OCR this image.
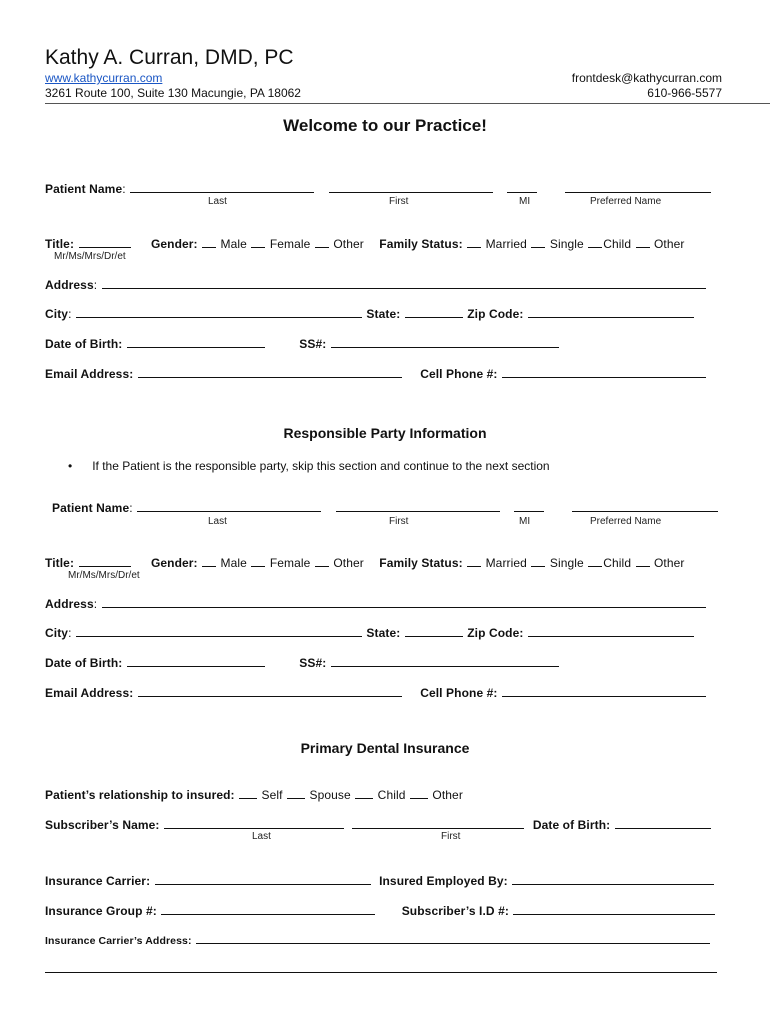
Kathy A. Curran, DMD, PC
www.kathycurran.com
3261 Route 100, Suite 130 Macungie, PA 18062
frontdesk@kathycurran.com
610-966-5577
Welcome to our Practice!
Patient Name:
Last	First	MI	Preferred Name
Title:	Gender: Male Female Other Family Status: Married Single Child Other
Mr/Ms/Mrs/Dr/et
Address:
City:	State:	Zip Code:
Date of Birth:	SS#:
Email Address:	Cell Phone #:
Responsible Party Information
•      If the Patient is the responsible party, skip this section and continue to the next section
Patient Name:
Last	First	MI	Preferred Name
Title:	Gender: Male Female Other Family Status: Married Single Child Other
Mr/Ms/Mrs/Dr/et
Address:
City:	State:	Zip Code:
Date of Birth:	SS#:
Email Address:	Cell Phone #:
Primary Dental Insurance
Patient’s relationship to insured: Self Spouse Child Other
Subscriber’s Name:	Date of Birth:
Last	First
Insurance Carrier:	Insured Employed By:
Insurance Group #:	Subscriber’s I.D #:
Insurance Carrier’s Address:
